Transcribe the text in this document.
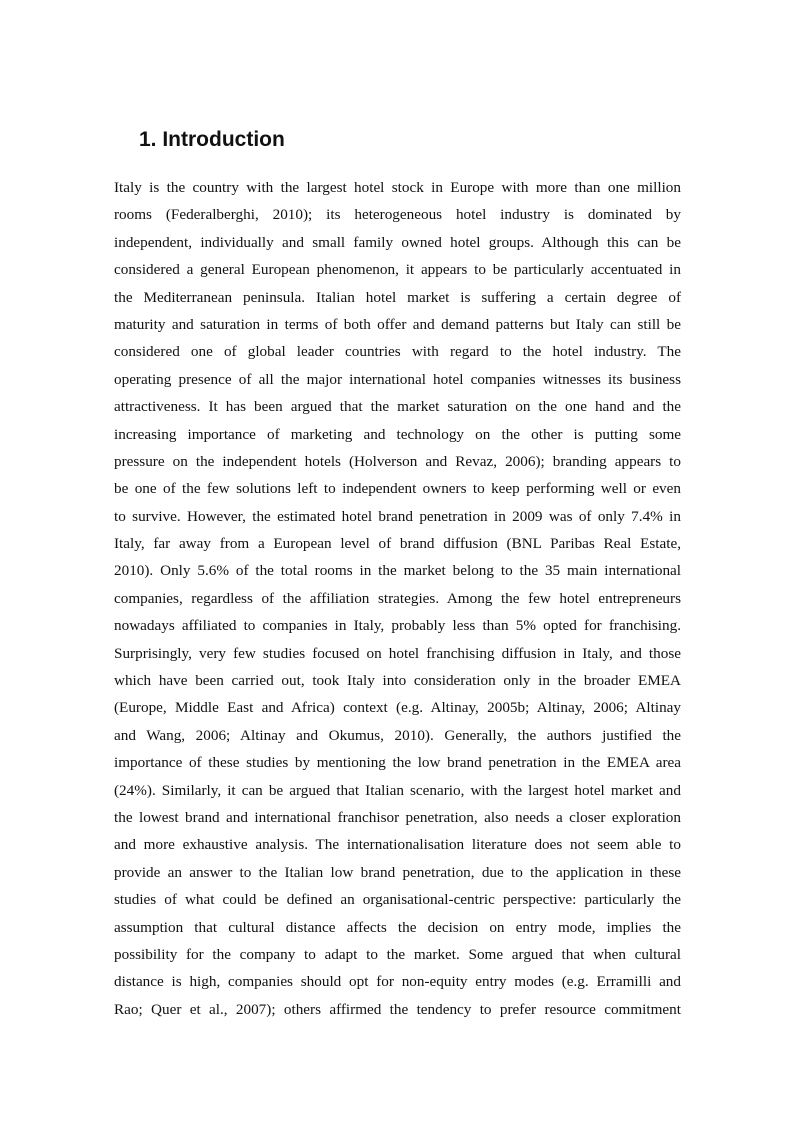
1. Introduction
Italy is the country with the largest hotel stock in Europe with more than one million
rooms (Federalberghi, 2010); its heterogeneous hotel industry is dominated by
independent, individually and small family owned hotel groups. Although this can be
considered a general European phenomenon, it appears to be particularly accentuated in
the Mediterranean peninsula. Italian hotel market is suffering a certain degree of
maturity and saturation in terms of both offer and demand patterns but Italy can still be
considered one of global leader countries with regard to the hotel industry. The
operating presence of all the major international hotel companies witnesses its business
attractiveness. It has been argued that the market saturation on the one hand and the
increasing importance of marketing and technology on the other is putting some
pressure on the independent hotels (Holverson and Revaz, 2006); branding appears to
be one of the few solutions left to independent owners to keep performing well or even
to survive. However, the estimated hotel brand penetration in 2009 was of only 7.4% in
Italy, far away from a European level of brand diffusion (BNL Paribas Real Estate,
2010). Only 5.6% of the total rooms in the market belong to the 35 main international
companies, regardless of the affiliation strategies. Among the few hotel entrepreneurs
nowadays affiliated to companies in Italy, probably less than 5% opted for franchising.
Surprisingly, very few studies focused on hotel franchising diffusion in Italy, and those
which have been carried out, took Italy into consideration only in the broader EMEA
(Europe, Middle East and Africa) context (e.g. Altinay, 2005b; Altinay, 2006; Altinay
and Wang, 2006; Altinay and Okumus, 2010). Generally, the authors justified the
importance of these studies by mentioning the low brand penetration in the EMEA area
(24%). Similarly, it can be argued that Italian scenario, with the largest hotel market and
the lowest brand and international franchisor penetration, also needs a closer exploration
and more exhaustive analysis. The internationalisation literature does not seem able to
provide an answer to the Italian low brand penetration, due to the application in these
studies of what could be defined an organisational-centric perspective: particularly the
assumption that cultural distance affects the decision on entry mode, implies the
possibility for the company to adapt to the market. Some argued that when cultural
distance is high, companies should opt for non-equity entry modes (e.g. Erramilli and
Rao; Quer et al., 2007); others affirmed the tendency to prefer resource commitment
